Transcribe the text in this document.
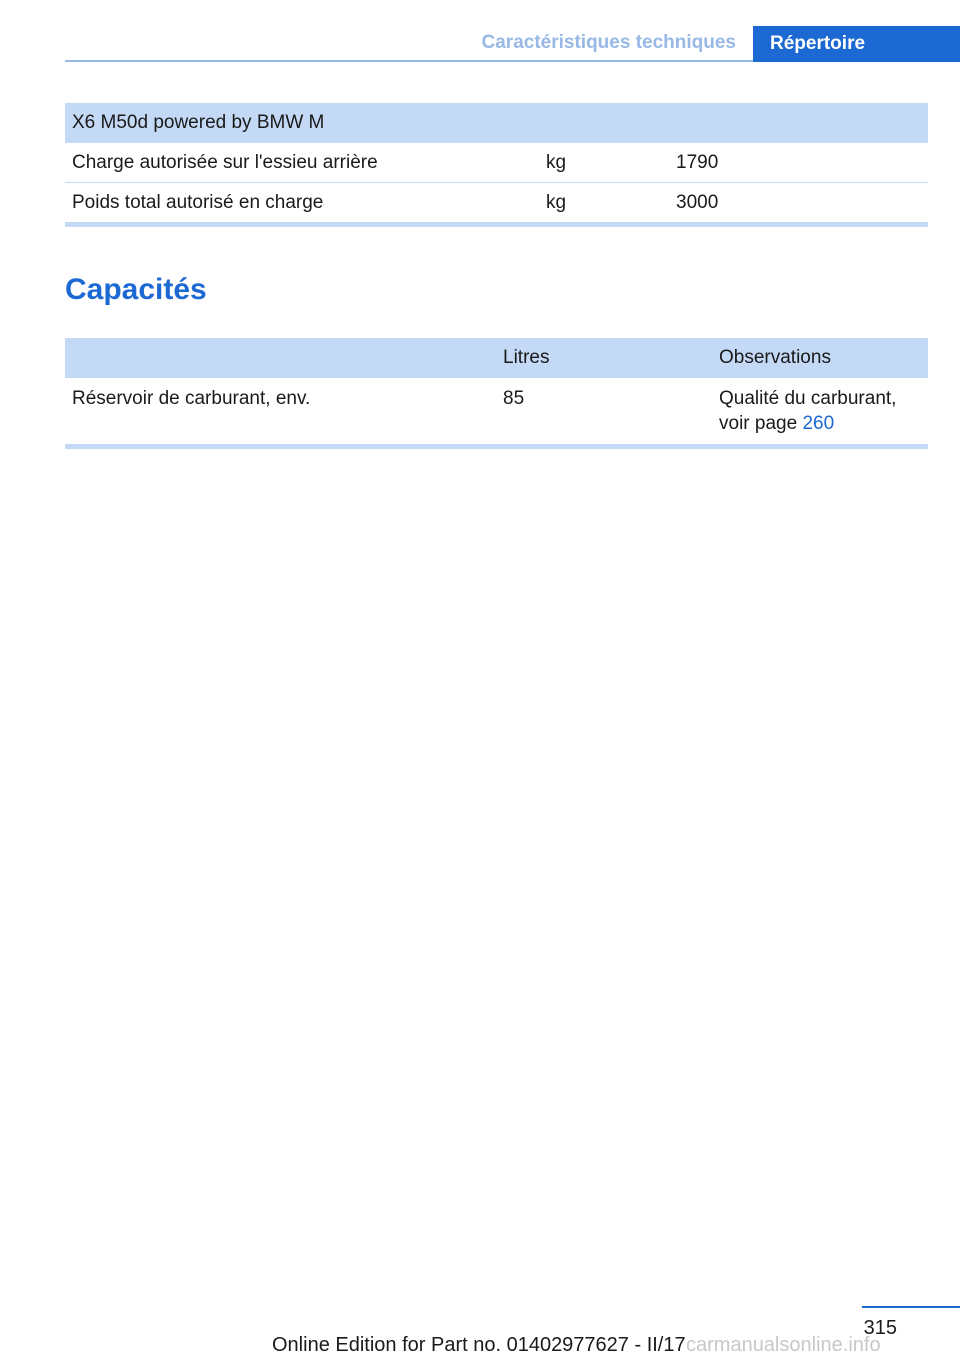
Caractéristiques techniques	Répertoire
X6 M50d powered by BMW M		
Charge autorisée sur l'essieu arrière	kg	1790
Poids total autorisé en charge	kg	3000
Capacités
	Litres	Observations
Réservoir de carburant, env.	85	Qualité du carburant,
voir page 260
315
Online Edition for Part no. 01402977627 - II/17 carmanualsonline.info
